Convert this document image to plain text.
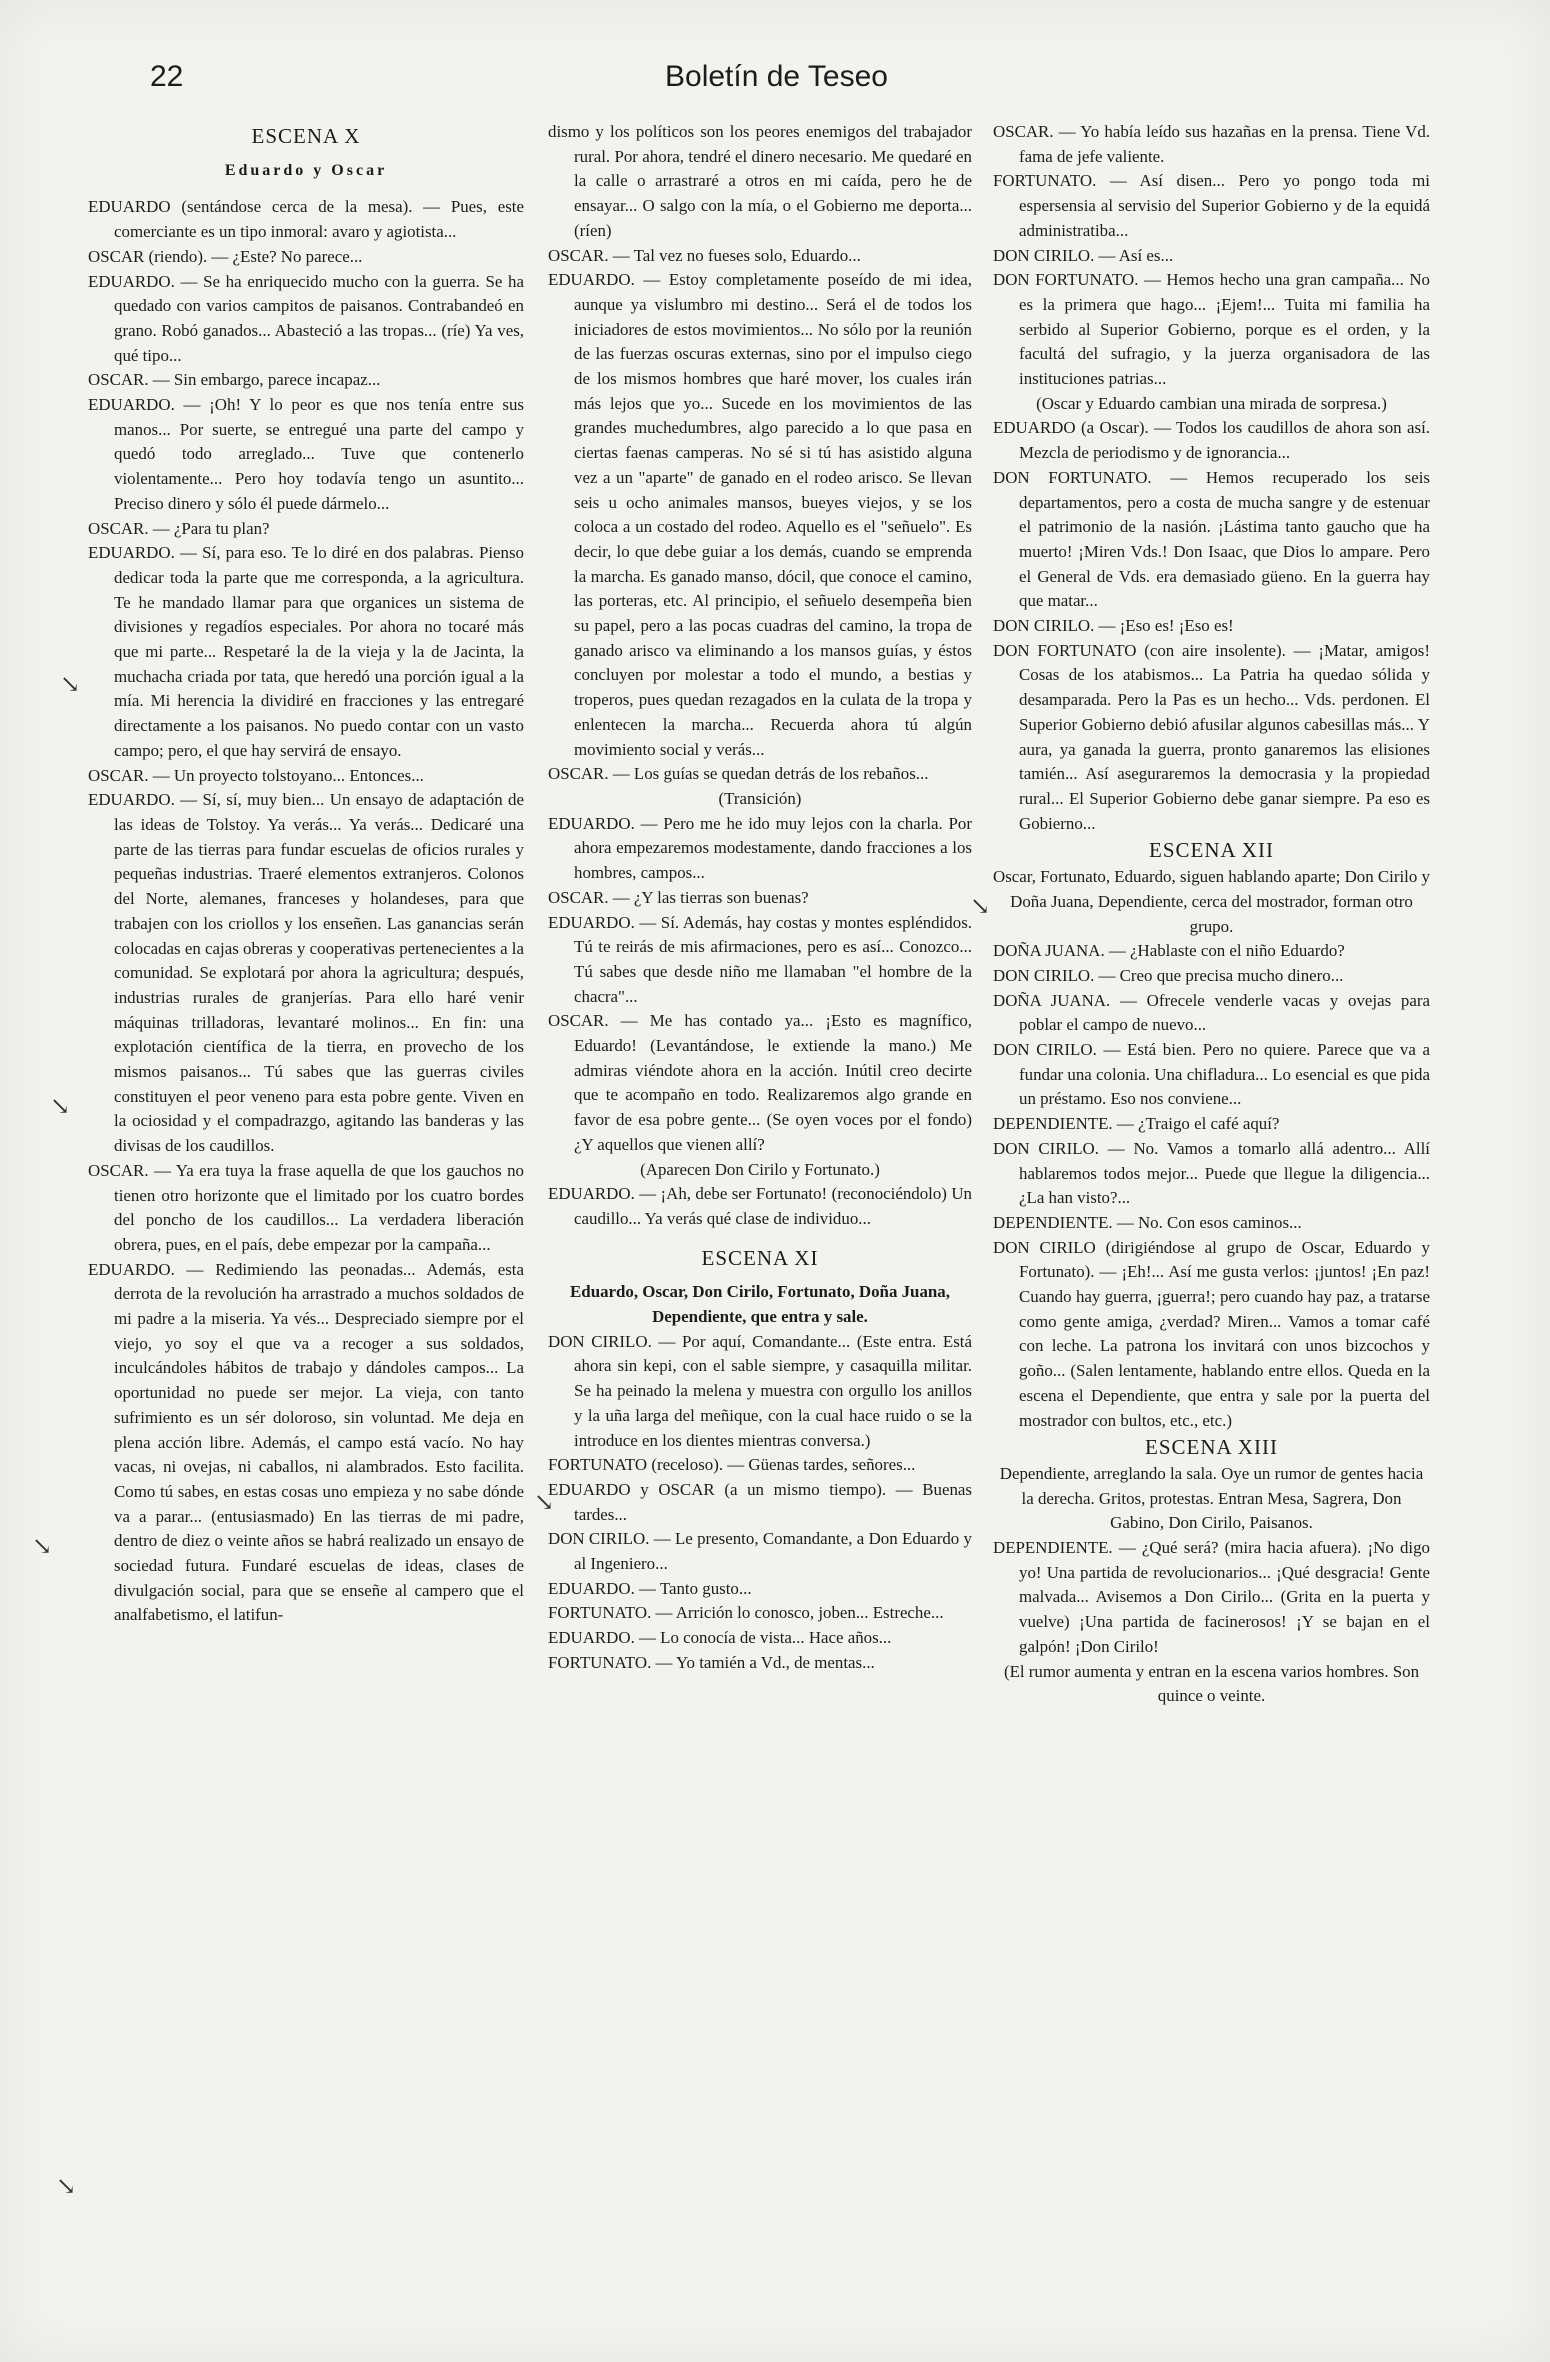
22	Boletín de Teseo
ESCENA X
Eduardo y Oscar

EDUARDO (sentándose cerca de la mesa). — Pues, este comerciante es un tipo inmoral: avaro y agiotista...

OSCAR (riendo). — ¿Este? No parece...

EDUARDO. — Se ha enriquecido mucho con la guerra. Se ha quedado con varios campitos de paisanos. Contrabandeó en grano. Robó ganados... Abasteció a las tropas... (ríe) Ya ves, qué tipo...

OSCAR. — Sin embargo, parece incapaz...

EDUARDO. — ¡Oh! Y lo peor es que nos tenía entre sus manos... Por suerte, se entregué una parte del campo y quedó todo arreglado... Tuve que contenerlo violentamente... Pero hoy todavía tengo un asuntito... Preciso dinero y sólo él puede dármelo...

OSCAR. — ¿Para tu plan?

EDUARDO. — Sí, para eso. Te lo diré en dos palabras. Pienso dedicar toda la parte que me corresponda, a la agricultura. Te he mandado llamar para que organices un sistema de divisiones y regadíos especiales. Por ahora no tocaré más que mi parte... Respetaré la de la vieja y la de Jacinta, la muchacha criada por tata, que heredó una porción igual a la mía. Mi herencia la dividiré en fracciones y las entregaré directamente a los paisanos. No puedo contar con un vasto campo; pero, el que hay servirá de ensayo.

OSCAR. — Un proyecto tolstoyano... Entonces...

EDUARDO. — Sí, sí, muy bien... Un ensayo de adaptación de las ideas de Tolstoy. Ya verás... Ya verás... Dedicaré una parte de las tierras para fundar escuelas de oficios rurales y pequeñas industrias. Traeré elementos extranjeros. Colonos del Norte, alemanes, franceses y holandeses, para que trabajen con los criollos y los enseñen. Las ganancias serán colocadas en cajas obreras y cooperativas pertenecientes a la comunidad. Se explotará por ahora la agricultura; después, industrias rurales de granjerías. Para ello haré venir máquinas trilladoras, levantaré molinos... En fin: una explotación científica de la tierra, en provecho de los mismos paisanos... Tú sabes que las guerras civiles constituyen el peor veneno para esta pobre gente. Viven en la ociosidad y el compadrazgo, agitando las banderas y las divisas de los caudillos.

OSCAR. — Ya era tuya la frase aquella de que los gauchos no tienen otro horizonte que el limitado por los cuatro bordes del poncho de los caudillos... La verdadera liberación obrera, pues, en el país, debe empezar por la campaña...

EDUARDO. — Redimiendo las peonadas... Además, esta derrota de la revolución ha arrastrado a muchos soldados de mi padre a la miseria. Ya vés... Despreciado siempre por el viejo, yo soy el que va a recoger a sus soldados, inculcándoles hábitos de trabajo y dándoles campos... La oportunidad no puede ser mejor. La vieja, con tanto sufrimiento es un sér doloroso, sin voluntad. Me deja en plena acción libre. Además, el campo está vacío. No hay vacas, ni ovejas, ni caballos, ni alambrados. Esto facilita. Como tú sabes, en estas cosas uno empieza y no sabe dónde va a parar... (entusiasmado) En las tierras de mi padre, dentro de diez o veinte años se habrá realizado un ensayo de sociedad futura. Fundaré escuelas de ideas, clases de divulgación social, para que se enseñe al campero que el analfabetismo, el latifun-

dismo y los políticos son los peores enemigos del trabajador rural. Por ahora, tendré el dinero necesario. Me quedaré en la calle o arrastraré a otros en mi caída, pero he de ensayar... O salgo con la mía, o el Gobierno me deporta... (ríen)

OSCAR. — Tal vez no fueses solo, Eduardo...

EDUARDO. — Estoy completamente poseído de mi idea, aunque ya vislumbro mi destino... Será el de todos los iniciadores de estos movimientos... No sólo por la reunión de las fuerzas oscuras externas, sino por el impulso ciego de los mismos hombres que haré mover, los cuales irán más lejos que yo... Sucede en los movimientos de las grandes muchedumbres, algo parecido a lo que pasa en ciertas faenas camperas. No sé si tú has asistido alguna vez a un "aparte" de ganado en el rodeo arisco. Se llevan seis u ocho animales mansos, bueyes viejos, y se los coloca a un costado del rodeo. Aquello es el "señuelo". Es decir, lo que debe guiar a los demás, cuando se emprenda la marcha. Es ganado manso, dócil, que conoce el camino, las porteras, etc. Al principio, el señuelo desempeña bien su papel, pero a las pocas cuadras del camino, la tropa de ganado arisco va eliminando a los mansos guías, y éstos concluyen por molestar a todo el mundo, a bestias y troperos, pues quedan rezagados en la culata de la tropa y enlentecen la marcha... Recuerda ahora tú algún movimiento social y verás...

OSCAR. — Los guías se quedan detrás de los rebaños...

(Transición)

EDUARDO. — Pero me he ido muy lejos con la charla. Por ahora empezaremos modestamente, dando fracciones a los hombres, campos...

OSCAR. — ¿Y las tierras son buenas?

EDUARDO. — Sí. Además, hay costas y montes espléndidos. Tú te reirás de mis afirmaciones, pero es así... Conozco... Tú sabes que desde niño me llamaban "el hombre de la chacra"...

OSCAR. — Me has contado ya... ¡Esto es magnífico, Eduardo! (Levantándose, le extiende la mano.) Me admiras viéndote ahora en la acción. Inútil creo decirte que te acompaño en todo. Realizaremos algo grande en favor de esa pobre gente... (Se oyen voces por el fondo) ¿Y aquellos que vienen allí?

(Aparecen Don Cirilo y Fortunato.)

EDUARDO. — ¡Ah, debe ser Fortunato! (reconociéndolo) Un caudillo... Ya verás qué clase de individuo...

ESCENA XI

Eduardo, Oscar, Don Cirilo, Fortunato, Doña Juana, Dependiente, que entra y sale.

DON CIRILO. — Por aquí, Comandante... (Este entra. Está ahora sin kepi, con el sable siempre, y casaquilla militar. Se ha peinado la melena y muestra con orgullo los anillos y la uña larga del meñique, con la cual hace ruido o se la introduce en los dientes mientras conversa.)

FORTUNATO (receloso). — Güenas tardes, señores...

EDUARDO y OSCAR (a un mismo tiempo). — Buenas tardes...

DON CIRILO. — Le presento, Comandante, a Don Eduardo y al Ingeniero...

EDUARDO. — Tanto gusto...

FORTUNATO. — Arrición lo conosco, joben... Estreche...

EDUARDO. — Lo conocía de vista... Hace años...

FORTUNATO. — Yo tamién a Vd., de mentas...

OSCAR. — Yo había leído sus hazañas en la prensa. Tiene Vd. fama de jefe valiente.

FORTUNATO. — Así disen... Pero yo pongo toda mi espersensia al servisio del Superior Gobierno y de la equidá administratiba...

DON CIRILO. — Así es...

DON FORTUNATO. — Hemos hecho una gran campaña... No es la primera que hago... ¡Ejem!... Tuita mi familia ha serbido al Superior Gobierno, porque es el orden, y la facultá del sufragio, y la juerza organisadora de las instituciones patrias...

(Oscar y Eduardo cambian una mirada de sorpresa.)

EDUARDO (a Oscar). — Todos los caudillos de ahora son así. Mezcla de periodismo y de ignorancia...

DON FORTUNATO. — Hemos recuperado los seis departamentos, pero a costa de mucha sangre y de estenuar el patrimonio de la nasión. ¡Lástima tanto gaucho que ha muerto! ¡Miren Vds.! Don Isaac, que Dios lo ampare. Pero el General de Vds. era demasiado güeno. En la guerra hay que matar...

DON CIRILO. — ¡Eso es! ¡Eso es!

DON FORTUNATO (con aire insolente). — ¡Matar, amigos! Cosas de los atabismos... La Patria ha quedao sólida y desamparada. Pero la Pas es un hecho... Vds. perdonen. El Superior Gobierno debió afusilar algunos cabesillas más... Y aura, ya ganada la guerra, pronto ganaremos las elisiones tamién... Así aseguraremos la democrasia y la propiedad rural... El Superior Gobierno debe ganar siempre. Pa eso es Gobierno...

ESCENA XII

Oscar, Fortunato, Eduardo, siguen hablando aparte; Don Cirilo y Doña Juana, Dependiente, cerca del mostrador, forman otro grupo.

DOÑA JUANA. — ¿Hablaste con el niño Eduardo?

DON CIRILO. — Creo que precisa mucho dinero...

DOÑA JUANA. — Ofrecele venderle vacas y ovejas para poblar el campo de nuevo...

DON CIRILO. — Está bien. Pero no quiere. Parece que va a fundar una colonia. Una chifladura... Lo esencial es que pida un préstamo. Eso nos conviene...

DEPENDIENTE. — ¿Traigo el café aquí?

DON CIRILO. — No. Vamos a tomarlo allá adentro... Allí hablaremos todos mejor... Puede que llegue la diligencia... ¿La han visto?...

DEPENDIENTE. — No. Con esos caminos...

DON CIRILO (dirigiéndose al grupo de Oscar, Eduardo y Fortunato). — ¡Eh!... Así me gusta verlos: ¡juntos! ¡En paz! Cuando hay guerra, ¡guerra!; pero cuando hay paz, a tratarse como gente amiga, ¿verdad? Miren... Vamos a tomar café con leche. La patrona los invitará con unos bizcochos y goño... (Salen lentamente, hablando entre ellos. Queda en la escena el Dependiente, que entra y sale por la puerta del mostrador con bultos, etc., etc.)

ESCENA XIII

Dependiente, arreglando la sala. Oye un rumor de gentes hacia la derecha. Gritos, protestas. Entran Mesa, Sagrera, Don Gabino, Don Cirilo, Paisanos.

DEPENDIENTE. — ¿Qué será? (mira hacia afuera). ¡No digo yo! Una partida de revolucionarios... ¡Qué desgracia! Gente malvada... Avisemos a Don Cirilo... (Grita en la puerta y vuelve) ¡Una partida de facinerosos! ¡Y se bajan en el galpón! ¡Don Cirilo!

(El rumor aumenta y entran en la escena varios hombres. Son quince o veinte.

↘
↘
↘
↘
↘
↘
